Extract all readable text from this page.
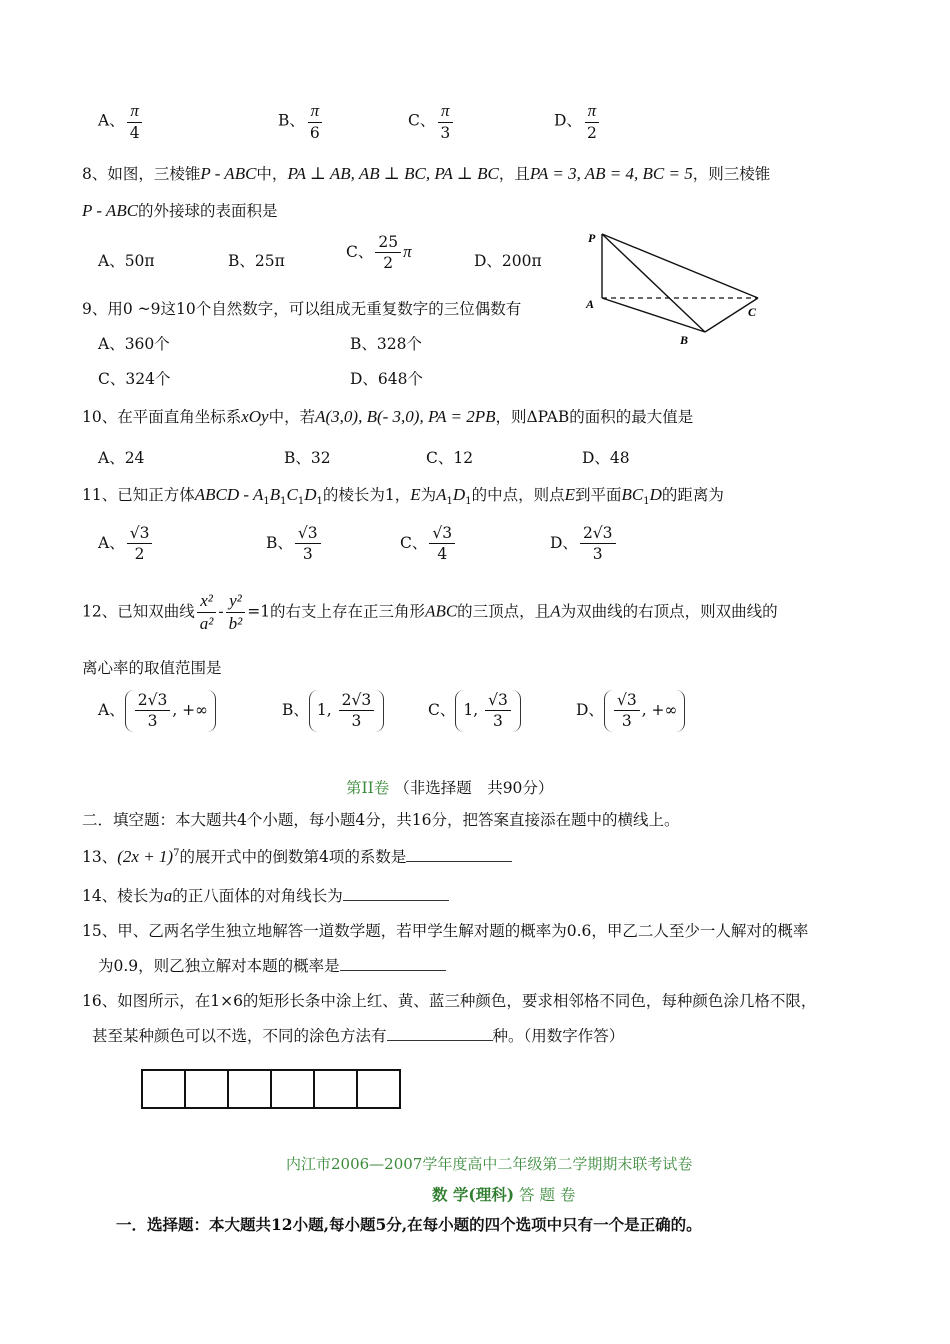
A、 $\frac{\pi}{4}$	B、 $\frac{\pi}{6}$	C、 $\frac{\pi}{3}$	D、 $\frac{\pi}{2}$
8、如图，三棱锥P - ABC中，PA ⊥ AB, AB ⊥ BC, PA ⊥ BC，且PA = 3, AB = 4, BC = 5，则三棱锥
P - ABC的外接球的表面积是
A、50π	B、25π
C、 $\frac{25}{2}$ π
D、200π
P
A
B
C
9、用0 ~9这10个自然数字，可以组成无重复数字的三位偶数有
A、360个	B、328个
C、324个	D、648个
10、在平面直角坐标系xOy中，若A(3,0), B(- 3,0), PA = 2PB，则ΔPAB的面积的最大值是
A、24	B、32	C、12	D、48
11、已知正方体ABCD - $A_1B_1C_1D_1$的棱长为1，E为$A_1D_1$的中点，则点E到平面$BC_1D$的距离为
A、 $\frac{√3}{2}$	B、 $\frac{√3}{3}$	C、 $\frac{√3}{4}$	D、 $\frac{2√3}{3}$
12、已知双曲线 $\frac{\text{x²}}{\text{a²}} - \frac{\text{y²}}{\text{b²}} =1$的右支上存在正三角形ABC的三顶点，且A为双曲线的右顶点，则双曲线的
离心率的取值范围是
A、 $\frac{2√3}{3}$ , +∞	B、 1, $\frac{2√3}{3}$	C、 1, $\frac{√3}{3}$	D、 $\frac{√3}{3}$ , +∞
第II卷 （非选择题　共90分）
二．填空题：本大题共4个小题，每小题4分，共16分，把答案直接添在题中的横线上。
13、$(2x + 1)^7$的展开式中的倒数第4项的系数是
14、棱长为a的正八面体的对角线长为
15、甲、乙两名学生独立地解答一道数学题，若甲学生解对题的概率为0.6，甲乙二人至少一人解对的概率
为0.9，则乙独立解对本题的概率是
16、如图所示，在1×6的矩形长条中涂上红、黄、蓝三种颜色，要求相邻格不同色，每种颜色涂几格不限，
甚至某种颜色可以不选，不同的涂色方法有	种。（用数字作答）
内江市2006—2007学年度高中二年级第二学期期末联考试卷
数 学(理科) 答 题 卷
一．选择题：本大题共12小题,每小题5分,在每小题的四个选项中只有一个是正确的。
